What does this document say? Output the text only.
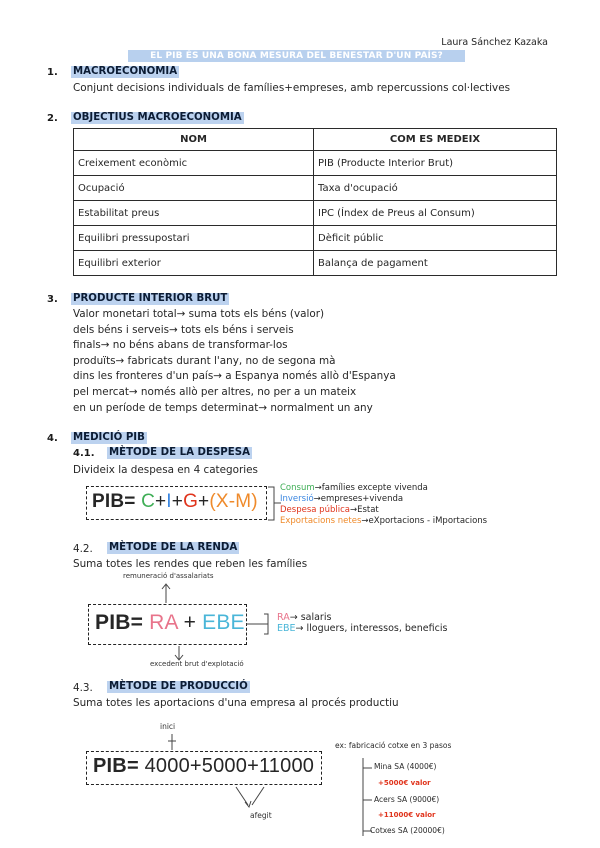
Laura Sánchez Kazaka
EL PIB ÉS UNA BONA MESURA DEL BENESTAR D'UN PAÍS?
1. MACROECONOMIA
Conjunt decisions individuals de famílies+empreses, amb repercussions col·lectives
2. OBJECTIUS MACROECONOMIA
NOM	COM ES MEDEIX
Creixement econòmic	PIB (Producte Interior Brut)
Ocupació	Taxa d'ocupació
Estabilitat preus	IPC (Índex de Preus al Consum)
Equilibri pressupostari	Dèficit públic
Equilibri exterior	Balança de pagament
3. PRODUCTE INTERIOR BRUT
Valor monetari total→ suma tots els béns (valor)
dels béns i serveis→ tots els béns i serveis
finals→ no béns abans de transformar-los
produïts→ fabricats durant l'any, no de segona mà
dins les fronteres d'un país→ a Espanya només allò d'Espanya
pel mercat→ només allò per altres, no per a un mateix
en un període de temps determinat→ normalment un any
4. MEDICIÓ PIB
4.1. MÈTODE DE LA DESPESA
Divideix la despesa en 4 categories
PIB= C+I+G+(X-M)
Consum→famílies excepte vivenda
Inversió→empreses+vivenda
Despesa pública→Estat
Exportacions netes→eXportacions - iMportacions
4.2. MÈTODE DE LA RENDA
Suma totes les rendes que reben les famílies
remuneració d'assalariats
PIB= RA + EBE
excedent brut d'explotació
RA→ salaris
EBE→ lloguers, interessos, beneficis
4.3. MÈTODE DE PRODUCCIÓ
Suma totes les aportacions d'una empresa al procés productiu
inici
PIB= 4000+5000+11000
afegit
ex: fabricació cotxe en 3 pasos
Mina SA (4000€)
+5000€ valor
Acers SA (9000€)
+11000€ valor
Cotxes SA (20000€)
